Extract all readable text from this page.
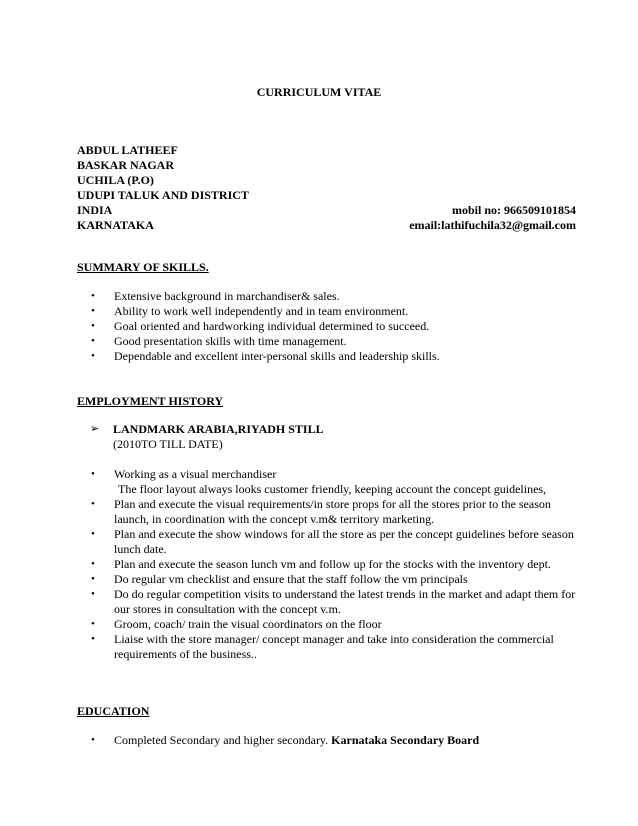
CURRICULUM VITAE
ABDUL LATHEEF
BASKAR NAGAR
UCHILA (P.O)
UDUPI TALUK AND DISTRICT
INDIA
KARNATAKA
mobil no: 966509101854
email:lathifuchila32@gmail.com
SUMMARY OF SKILLS.
• Extensive background in marchandiser& sales.
• Ability to work well independently and in team environment.
• Goal oriented and hardworking individual determined to succeed.
• Good presentation skills with time management.
• Dependable and excellent inter-personal skills and leadership skills.
EMPLOYMENT HISTORY
➢ LANDMARK ARABIA,RIYADH STILL
(2010TO TILL DATE)
• Working as a visual merchandiser
The floor layout always looks customer friendly, keeping account the concept guidelines,
• Plan and execute the visual requirements/in store props for all the stores prior to the season
launch, in coordination with the concept v.m& territory marketing.
• Plan and execute the show windows for all the store as per the concept guidelines before season
lunch date.
• Plan and execute the season lunch vm and follow up for the stocks with the inventory dept.
• Do regular vm checklist and ensure that the staff follow the vm principals
• Do do regular competition visits to understand the latest trends in the market and adapt them for
our stores in consultation with the concept v.m.
• Groom, coach/ train the visual coordinators on the floor
• Liaise with the store manager/ concept manager and take into consideration the commercial
requirements of the business..
EDUCATION
• Completed Secondary and higher secondary. Karnataka Secondary Board
